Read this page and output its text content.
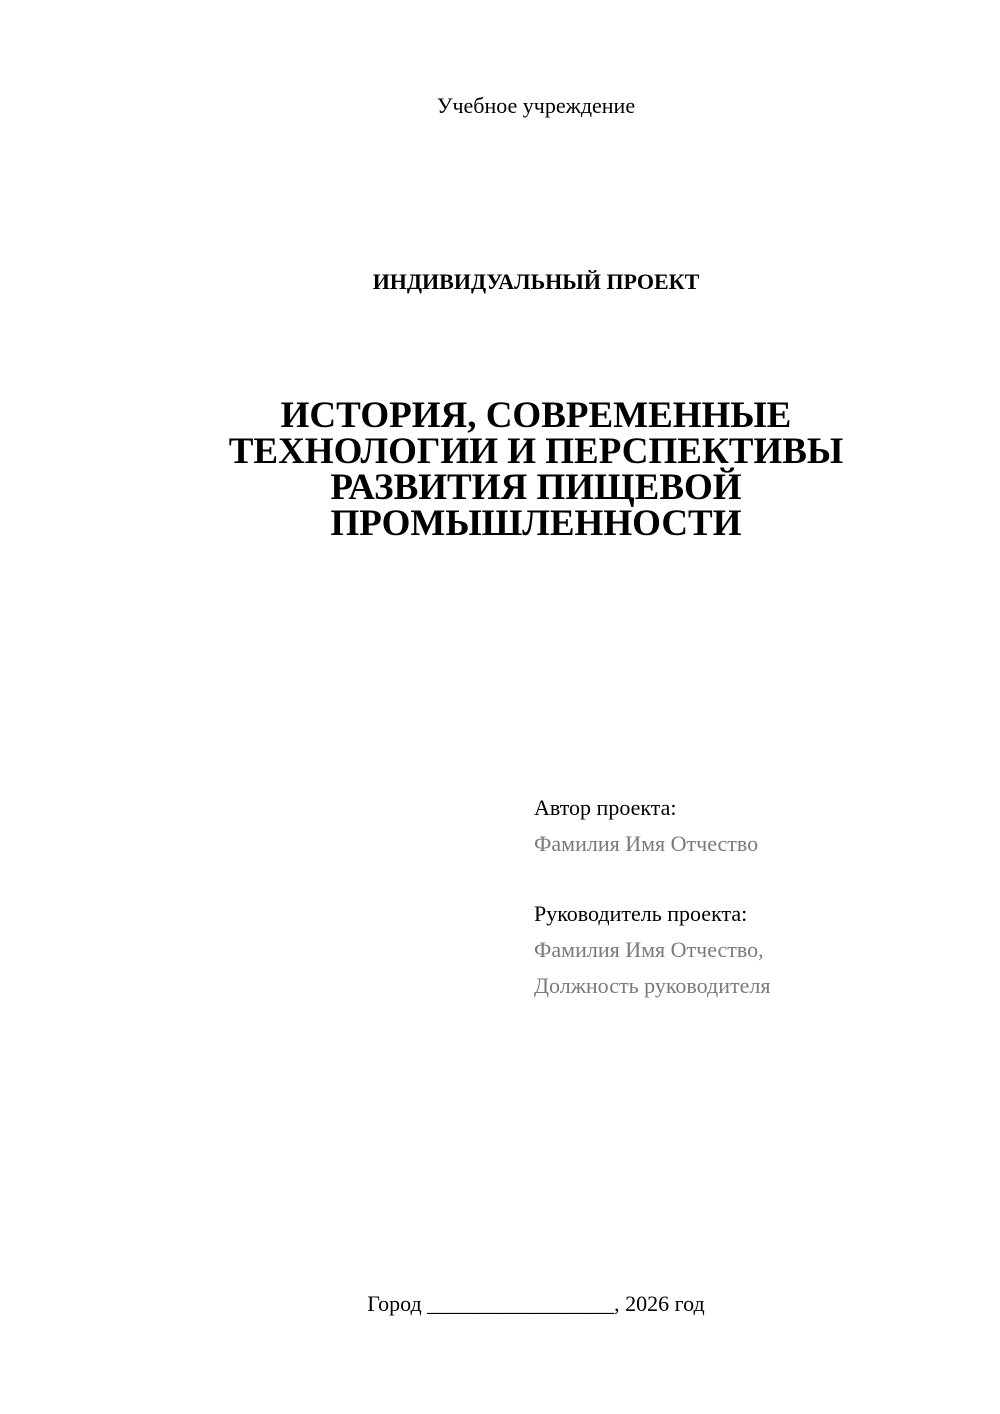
Учебное учреждение
ИНДИВИДУАЛЬНЫЙ ПРОЕКТ
ИСТОРИЯ, СОВРЕМЕННЫЕ
ТЕХНОЛОГИИ И ПЕРСПЕКТИВЫ
РАЗВИТИЯ ПИЩЕВОЙ
ПРОМЫШЛЕННОСТИ
Автор проекта:
Фамилия Имя Отчество
Руководитель проекта:
Фамилия Имя Отчество,
Должность руководителя
Город _________________, 2026 год
